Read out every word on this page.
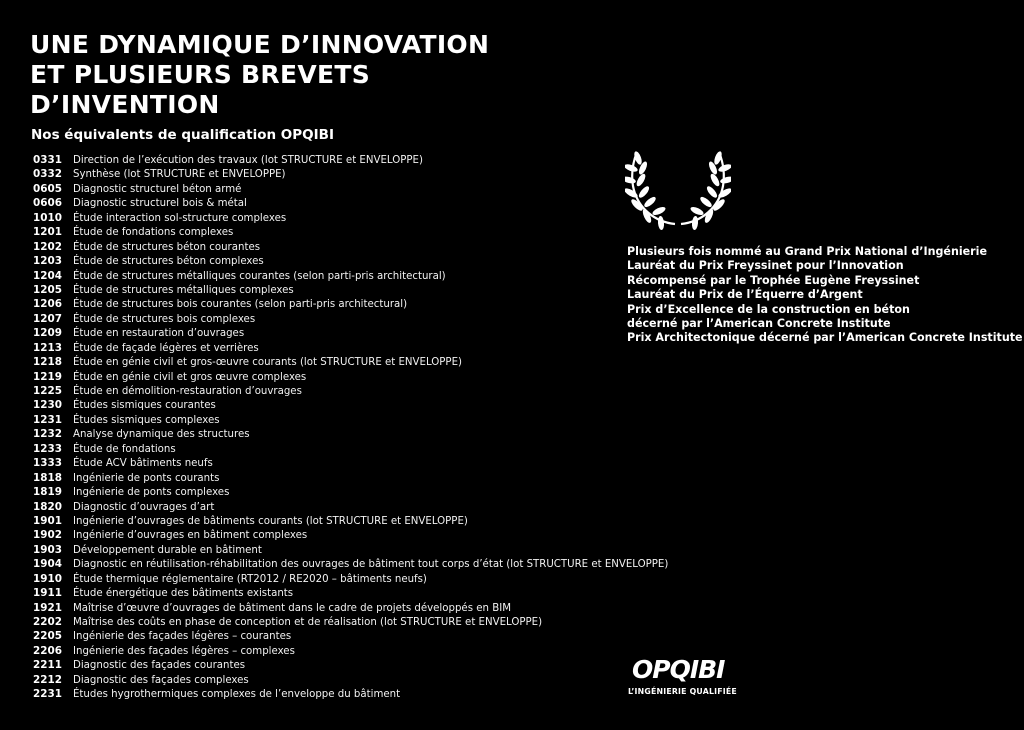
UNE DYNAMIQUE D’INNOVATION
ET PLUSIEURS BREVETS
D’INVENTION
Nos équivalents de qualification OPQIBI
0331 Direction de l’exécution des travaux (lot STRUCTURE et ENVELOPPE)
0332 Synthèse (lot STRUCTURE et ENVELOPPE)
0605 Diagnostic structurel béton armé
0606 Diagnostic structurel bois & métal
1010 Étude interaction sol-structure complexes
1201 Étude de fondations complexes
1202 Étude de structures béton courantes
1203 Étude de structures béton complexes
1204 Étude de structures métalliques courantes (selon parti-pris architectural)
1205 Étude de structures métalliques complexes
1206 Étude de structures bois courantes (selon parti-pris architectural)
1207 Étude de structures bois complexes
1209 Étude en restauration d’ouvrages
1213 Étude de façade légères et verrières
1218 Étude en génie civil et gros-œuvre courants (lot STRUCTURE et ENVELOPPE)
1219 Étude en génie civil et gros œuvre complexes
1225 Étude en démolition-restauration d’ouvrages
1230 Études sismiques courantes
1231 Études sismiques complexes
1232 Analyse dynamique des structures
1233 Étude de fondations
1333 Étude ACV bâtiments neufs
1818 Ingénierie de ponts courants
1819 Ingénierie de ponts complexes
1820 Diagnostic d’ouvrages d’art
1901 Ingénierie d’ouvrages de bâtiments courants (lot STRUCTURE et ENVELOPPE)
1902 Ingénierie d’ouvrages en bâtiment complexes
1903 Développement durable en bâtiment
1904 Diagnostic en réutilisation-réhabilitation des ouvrages de bâtiment tout corps d’état (lot STRUCTURE et ENVELOPPE)
1910 Étude thermique réglementaire (RT2012 / RE2020 – bâtiments neufs)
1911 Étude énergétique des bâtiments existants
1921 Maîtrise d’œuvre d’ouvrages de bâtiment dans le cadre de projets développés en BIM
2202 Maîtrise des coûts en phase de conception et de réalisation (lot STRUCTURE et ENVELOPPE)
2205 Ingénierie des façades légères – courantes
2206 Ingénierie des façades légères – complexes
2211 Diagnostic des façades courantes
2212 Diagnostic des façades complexes
2231 Études hygrothermiques complexes de l’enveloppe du bâtiment
Plusieurs fois nommé au Grand Prix National d’Ingénierie
Lauréat du Prix Freyssinet pour l’Innovation
Récompensé par le Trophée Eugène Freyssinet
Lauréat du Prix de l’Équerre d’Argent
Prix d’Excellence de la construction en béton
décerné par l’American Concrete Institute
Prix Architectonique décerné par l’American Concrete Institute
OPQIBI
L’INGÉNIERIE QUALIFIÉE
